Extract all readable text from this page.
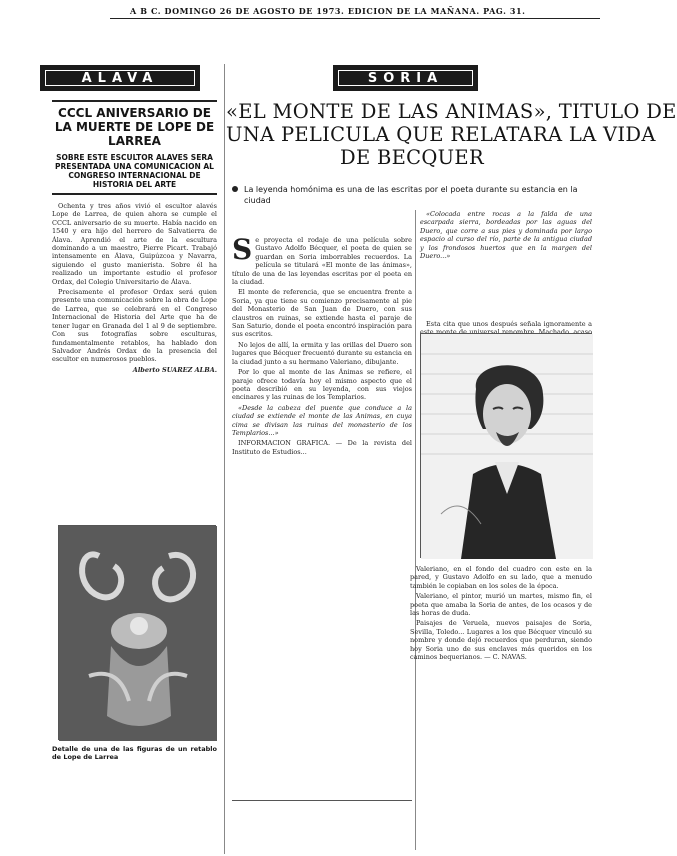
A B C. DOMINGO 26 DE AGOSTO DE 1973. EDICION DE LA MAÑANA. PAG. 31.
ALAVA	SORIA
CCCL ANIVERSARIO DE LA MUERTE DE LOPE DE LARREA
SOBRE ESTE ESCULTOR ALAVES SERA PRESENTADA UNA COMUNICACION AL CONGRESO INTERNACIONAL DE HISTORIA DEL ARTE

Ochenta y tres años vivió el escultor alavés Lope de Larrea, de quien ahora se cumple el CCCL aniversario de su muerte. Había nacido en 1540 y era hijo del herrero de Salvatierra de Álava. Aprendió el arte de la escultura dominando a un maestro, Pierre Picart. Trabajó intensamente en Álava, Guipúzcoa y Navarra, siguiendo el gusto manierista. Sobre él ha realizado un importante estudio el profesor Ordax, del Colegio Universitario de Álava.

Precisamente el profesor Ordax será quien presente una comunicación sobre la obra de Lope de Larrea, que se celebrará en el Congreso Internacional de Historia del Arte que ha de tener lugar en Granada del 1 al 9 de septiembre. Con sus fotografías sobre esculturas, fundamentalmente retablos, ha hablado don Salvador Andrés Ordax de la presencia del escultor en numerosos pueblos.

Alberto SUAREZ ALBA.

Detalle de una de las figuras de un retablo de Lope de Larrea
«EL MONTE DE LAS ANIMAS», TITULO DE
UNA PELICULA QUE RELATARA LA VIDA
DE BECQUER
La leyenda homónima es una de las escritas por el poeta durante su estancia en la ciudad
S e proyecta el rodaje de una película sobre Gustavo Adolfo Bécquer, el poeta de quien se guardan en Soria imborrables recuerdos. La película se titulará «El monte de las ánimas», título de una de las leyendas escritas por el poeta en la ciudad.

El monte de referencia, que se encuentra frente a Soria, ya que tiene su comienzo precisamente al pie del Monasterio de San Juan de Duero, con sus claustros en ruinas, se extiende hasta el paraje de San Saturio, donde el poeta encontró inspiración para sus escritos.

No lejos de allí, la ermita y las orillas del Duero son lugares que Bécquer frecuentó durante su estancia en la ciudad junto a su hermano Valeriano, dibujante.

Por lo que al monte de las Ánimas se refiere, el paraje ofrece todavía hoy el mismo aspecto que el poeta describió en su leyenda, con sus viejos encinares y las ruinas de los Templarios.

«Desde la cabeza del puente que conduce a la ciudad se extiende el monte de las Animas, en cuya cima se divisan las ruinas del monasterio de los Templarios...»

INFORMACION GRAFICA. — De la revista del Instituto de Estudios...

«Colocada entre rocas a la falda de una escarpada sierra, bordeadas por las aguas del Duero, que corre a sus pies y dominada por largo espacio al curso del río, parte de la antigua ciudad y los frondosos huertos que en la margen del Duero...»

Esta cita que unos después señala ignoramente a

Valeriano, en el fondo del cuadro con este en la pared, y Gustavo Adolfo en su lado, que a menudo también le copiaban en los soles de la época.

Valeriano, el pintor, murió un martes, mismo fin, el poeta que amaba la Soria de antes, de los ocasos y de las horas de duda.

Paisajes de Veruela, nuevos paisajes de Soria, Sevilla, Toledo... Lugares a los que Bécquer vinculó su nombre y donde dejó recuerdos que perduran, siendo hoy Soria uno de sus enclaves más queridos en los caminos bequerianos. — C. NAVAS.
